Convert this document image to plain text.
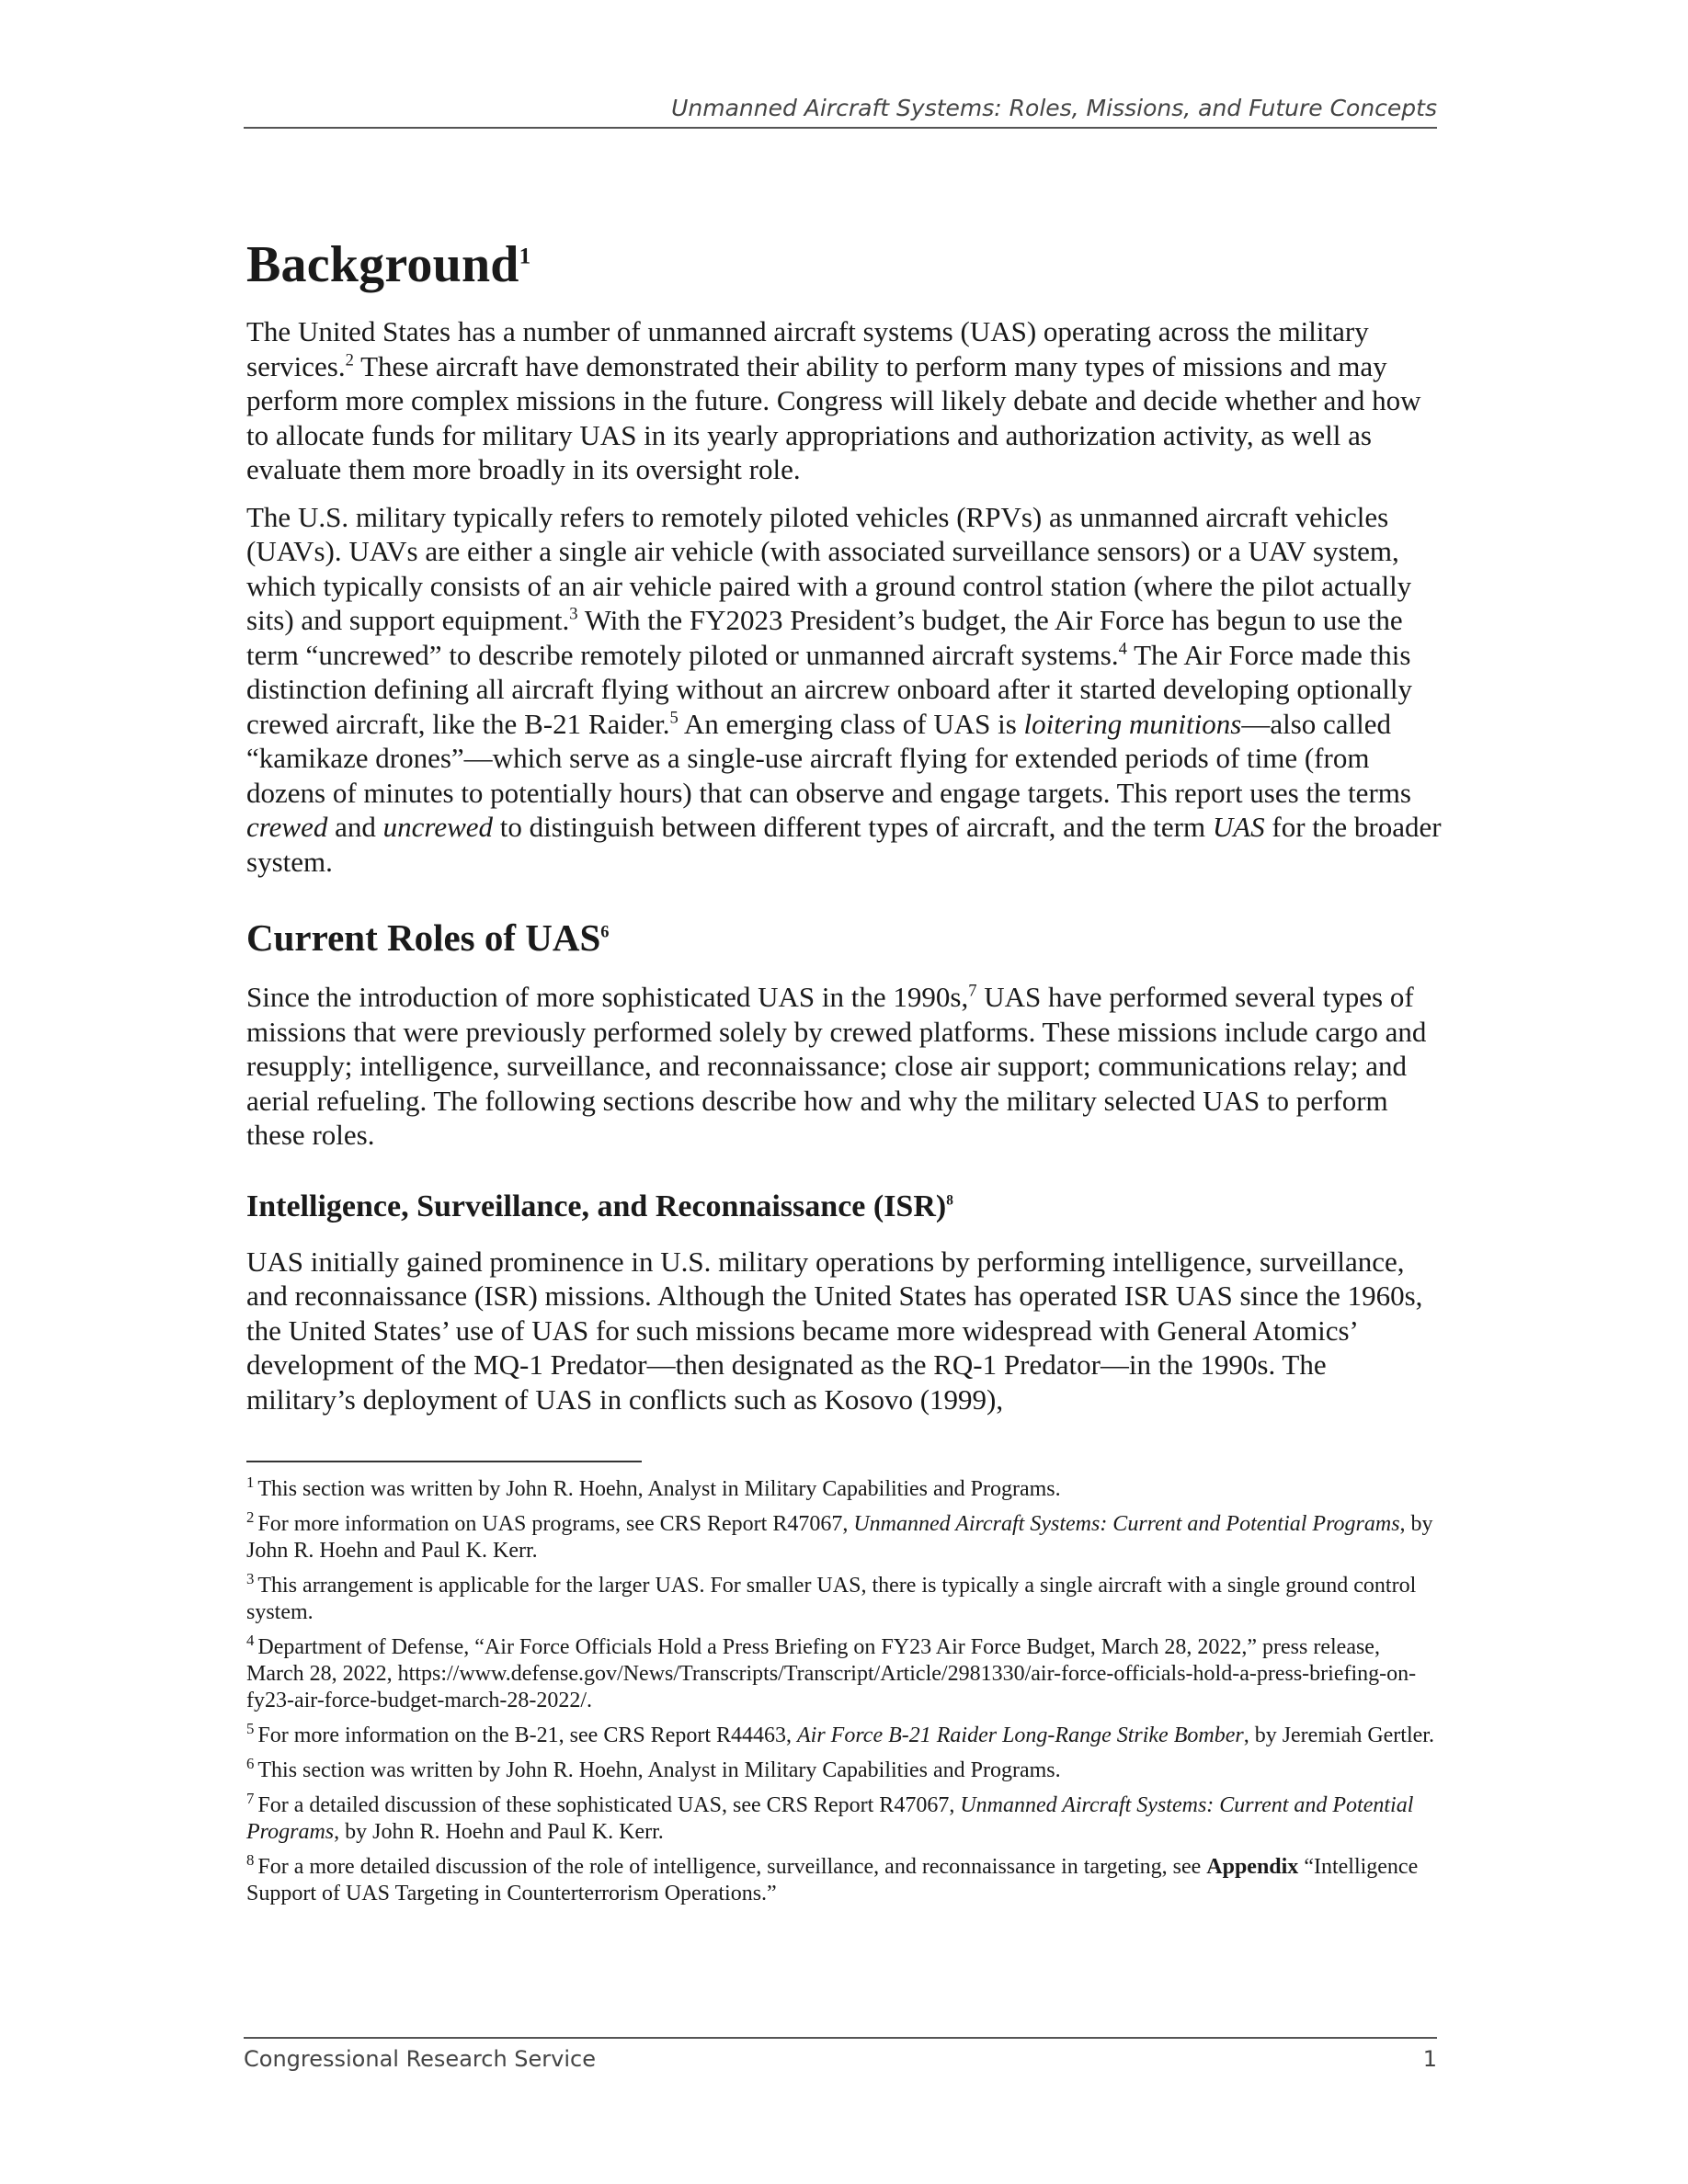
Unmanned Aircraft Systems: Roles, Missions, and Future Concepts
Background$^1$

The United States has a number of unmanned aircraft systems (UAS) operating across the military services.$^2$ These aircraft have demonstrated their ability to perform many types of missions and may perform more complex missions in the future. Congress will likely debate and decide whether and how to allocate funds for military UAS in its yearly appropriations and authorization activity, as well as evaluate them more broadly in its oversight role.

The U.S. military typically refers to remotely piloted vehicles (RPVs) as unmanned aircraft vehicles (UAVs). UAVs are either a single air vehicle (with associated surveillance sensors) or a UAV system, which typically consists of an air vehicle paired with a ground control station (where the pilot actually sits) and support equipment.$^3$ With the FY2023 President’s budget, the Air Force has begun to use the term “uncrewed” to describe remotely piloted or unmanned aircraft systems.$^4$ The Air Force made this distinction defining all aircraft flying without an aircrew onboard after it started developing optionally crewed aircraft, like the B-21 Raider.$^5$ An emerging class of UAS is loitering munitions—also called “kamikaze drones”—which serve as a single-use aircraft flying for extended periods of time (from dozens of minutes to potentially hours) that can observe and engage targets. This report uses the terms crewed and uncrewed to distinguish between different types of aircraft, and the term UAS for the broader system.

Current Roles of UAS$^6$

Since the introduction of more sophisticated UAS in the 1990s,$^7$ UAS have performed several types of missions that were previously performed solely by crewed platforms. These missions include cargo and resupply; intelligence, surveillance, and reconnaissance; close air support; communications relay; and aerial refueling. The following sections describe how and why the military selected UAS to perform these roles.

Intelligence, Surveillance, and Reconnaissance (ISR)$^8$

UAS initially gained prominence in U.S. military operations by performing intelligence, surveillance, and reconnaissance (ISR) missions. Although the United States has operated ISR UAS since the 1960s, the United States’ use of UAS for such missions became more widespread with General Atomics’ development of the MQ-1 Predator—then designated as the RQ-1 Predator—in the 1990s. The military’s deployment of UAS in conflicts such as Kosovo (1999),

$^1$ This section was written by John R. Hoehn, Analyst in Military Capabilities and Programs.
$^2$ For more information on UAS programs, see CRS Report R47067, Unmanned Aircraft Systems: Current and Potential Programs, by John R. Hoehn and Paul K. Kerr.
$^3$ This arrangement is applicable for the larger UAS. For smaller UAS, there is typically a single aircraft with a single ground control system.
$^4$ Department of Defense, “Air Force Officials Hold a Press Briefing on FY23 Air Force Budget, March 28, 2022,” press release, March 28, 2022, https://www.defense.gov/News/Transcripts/Transcript/Article/2981330/air-force-officials-hold-a-press-briefing-on-fy23-air-force-budget-march-28-2022/.
$^5$ For more information on the B-21, see CRS Report R44463, Air Force B-21 Raider Long-Range Strike Bomber, by Jeremiah Gertler.
$^6$ This section was written by John R. Hoehn, Analyst in Military Capabilities and Programs.
$^7$ For a detailed discussion of these sophisticated UAS, see CRS Report R47067, Unmanned Aircraft Systems: Current and Potential Programs, by John R. Hoehn and Paul K. Kerr.
$^8$ For a more detailed discussion of the role of intelligence, surveillance, and reconnaissance in targeting, see Appendix “Intelligence Support of UAS Targeting in Counterterrorism Operations.”
Congressional Research Service	1
